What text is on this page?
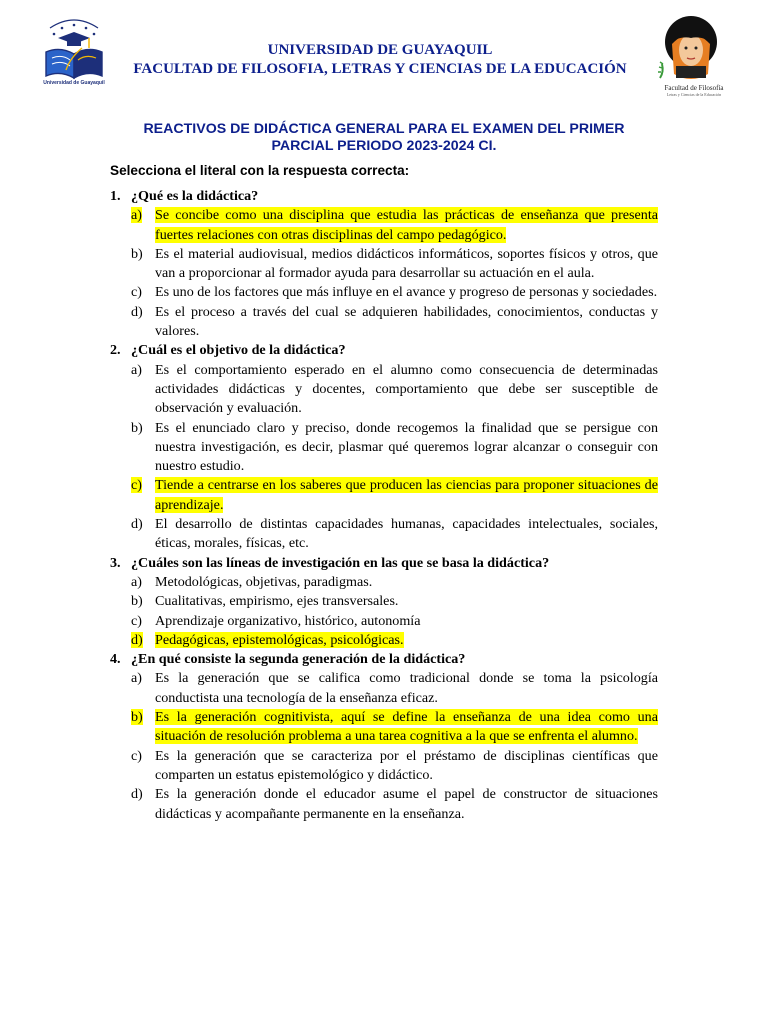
Universidad de Guayaquil
Facultad de Filosofía
Letras y Ciencias de la Educación
UNIVERSIDAD DE GUAYAQUIL
FACULTAD DE FILOSOFIA, LETRAS Y CIENCIAS DE LA EDUCACIÓN
REACTIVOS DE DIDÁCTICA GENERAL PARA EL EXAMEN DEL PRIMER
PARCIAL PERIODO 2023-2024 CI.
Selecciona el literal con la respuesta correcta:
1. ¿Qué es la didáctica?
a) Se concibe como una disciplina que estudia las prácticas de enseñanza que presenta fuertes relaciones con otras disciplinas del campo pedagógico.
b) Es el material audiovisual, medios didácticos informáticos, soportes físicos y otros, que van a proporcionar al formador ayuda para desarrollar su actuación en el aula.
c) Es uno de los factores que más influye en el avance y progreso de personas y sociedades.
d) Es el proceso a través del cual se adquieren habilidades, conocimientos, conductas y valores.
2. ¿Cuál es el objetivo de la didáctica?
a) Es el comportamiento esperado en el alumno como consecuencia de determinadas actividades didácticas y docentes, comportamiento que debe ser susceptible de observación y evaluación.
b) Es el enunciado claro y preciso, donde recogemos la finalidad que se persigue con nuestra investigación, es decir, plasmar qué queremos lograr alcanzar o conseguir con nuestro estudio.
c) Tiende a centrarse en los saberes que producen las ciencias para proponer situaciones de aprendizaje.
d) El desarrollo de distintas capacidades humanas, capacidades intelectuales, sociales, éticas, morales, físicas, etc.
3. ¿Cuáles son las líneas de investigación en las que se basa la didáctica?
a) Metodológicas, objetivas, paradigmas.
b) Cualitativas, empirismo, ejes transversales.
c) Aprendizaje organizativo, histórico, autonomía
d) Pedagógicas, epistemológicas, psicológicas.
4. ¿En qué consiste la segunda generación de la didáctica?
a) Es la generación que se califica como tradicional donde se toma la psicología conductista una tecnología de la enseñanza eficaz.
b) Es la generación cognitivista, aquí se define la enseñanza de una idea como una situación de resolución problema a una tarea cognitiva a la que se enfrenta el alumno.
c) Es la generación que se caracteriza por el préstamo de disciplinas científicas que comparten un estatus epistemológico y didáctico.
d) Es la generación donde el educador asume el papel de constructor de situaciones didácticas y acompañante permanente en la enseñanza.
